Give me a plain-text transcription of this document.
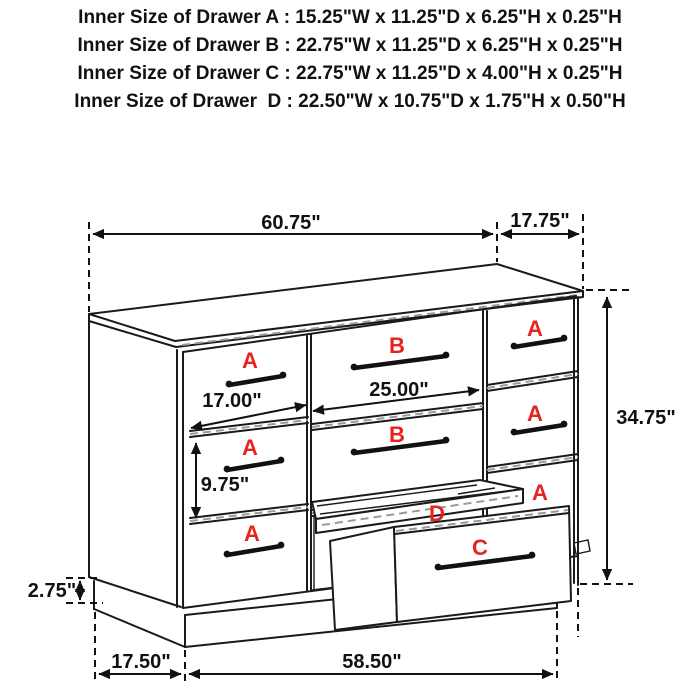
Inner Size of Drawer A : 15.25"W x 11.25"D x 6.25"H x 0.25"H
Inner Size of Drawer B : 22.75"W x 11.25"D x 6.25"H x 0.25"H
Inner Size of Drawer C : 22.75"W x 11.25"D x 4.00"H x 0.25"H
Inner Size of Drawer  D : 22.50"W x 10.75"D x 1.75"H x 0.50"H
A
A
A
B
B
A
A
A
D
C
60.75"	17.75"
34.75"
17.00"	25.00"
9.75"
2.75"
17.50"	58.50"
